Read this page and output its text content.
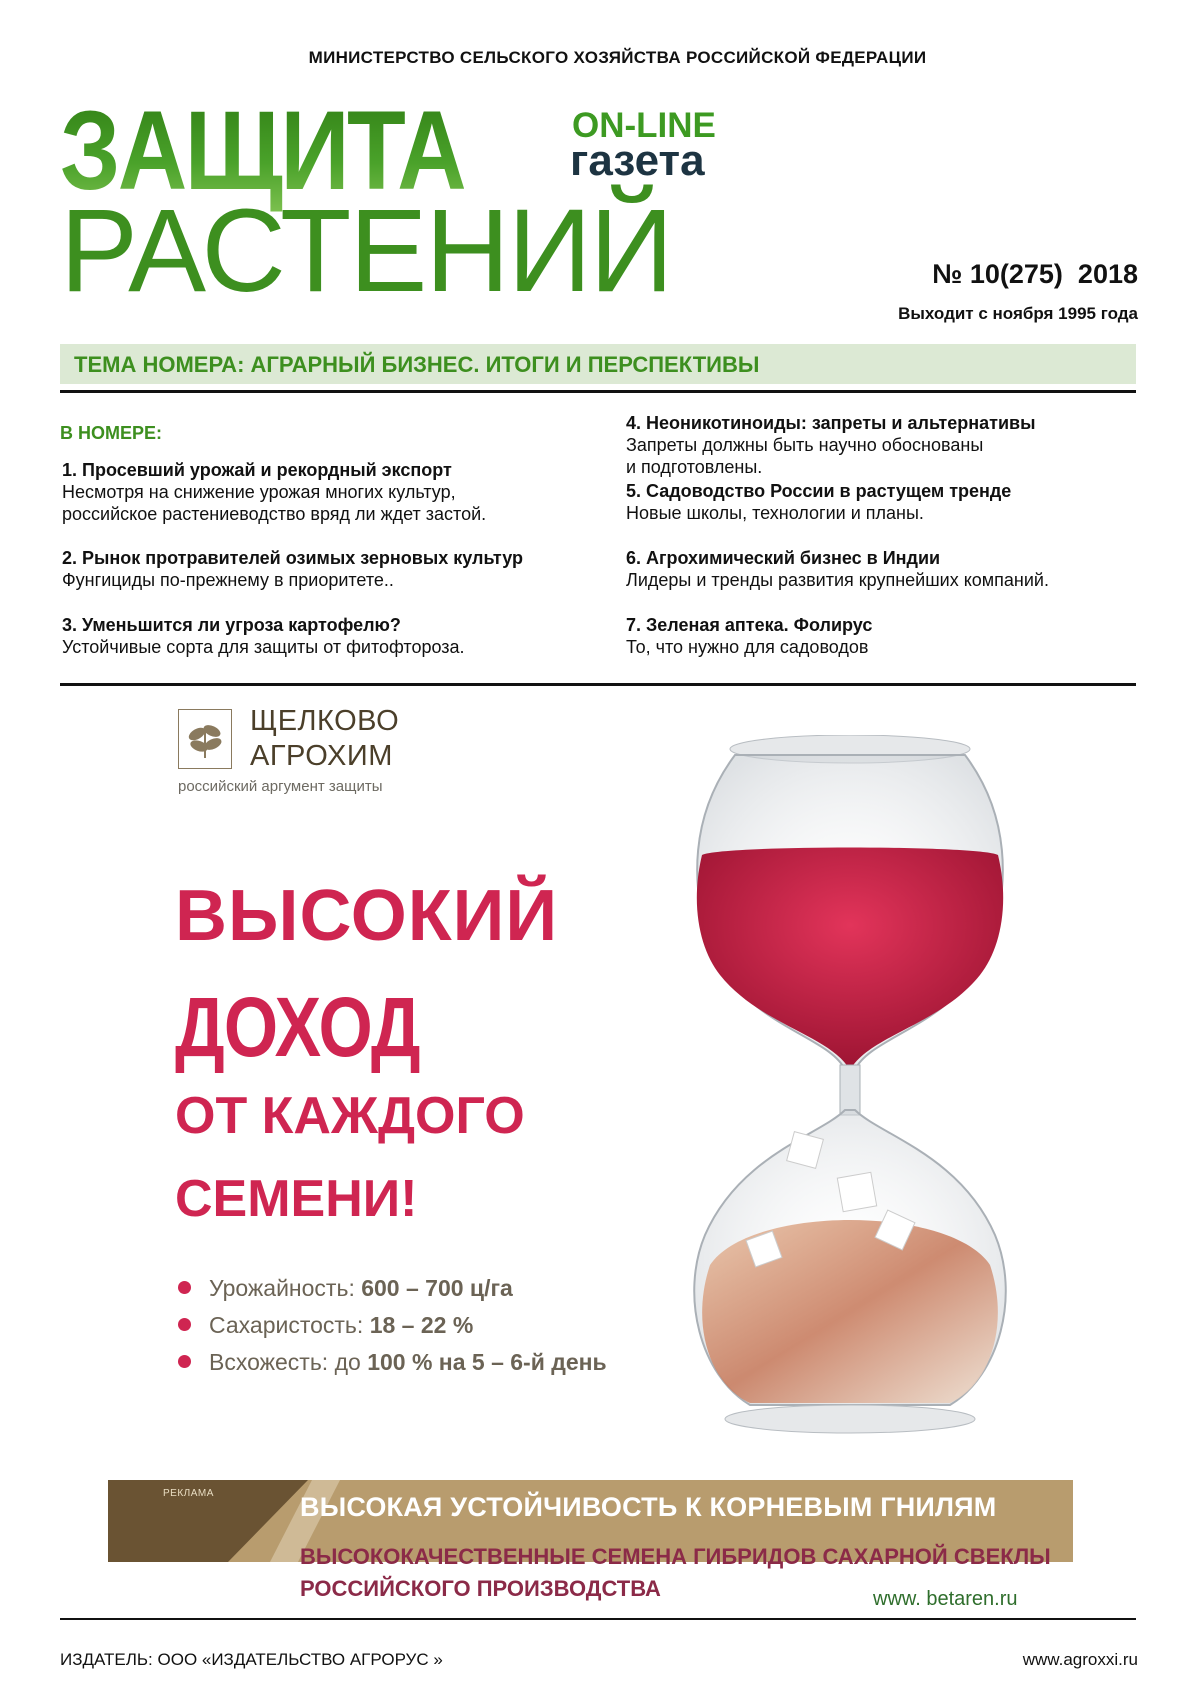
МИНИСТЕРСТВО СЕЛЬСКОГО ХОЗЯЙСТВА РОССИЙСКОЙ ФЕДЕРАЦИИ
ЗАЩИТА	ON-LINE
газета
РАСТЕНИЙ	№ 10(275)  2018
Выходит с ноября 1995 года
ТЕМА НОМЕРА: АГРАРНЫЙ БИЗНЕС. ИТОГИ И ПЕРСПЕКТИВЫ
В НОМЕРЕ:
1. Просевший урожай и рекордный экспорт
Несмотря на снижение урожая многих культур,
российское растениеводство вряд ли ждет застой.
2. Рынок протравителей озимых зерновых культур
Фунгициды по-прежнему в приоритете..
3. Уменьшится ли угроза картофелю?
Устойчивые сорта для защиты от фитофтороза.
4. Неоникотиноиды: запреты и альтернативы
Запреты должны быть научно обоснованы
и подготовлены.
5. Садоводство России в растущем тренде
Новые школы, технологии и планы.
6. Агрохимический бизнес в Индии
Лидеры и тренды развития крупнейших компаний.
7. Зеленая аптека. Фолирус
То, что нужно для садоводов
ЩЕЛКОВО
АГРОХИМ
российский аргумент защиты
ВЫСОКИЙ
ДОХОД
ОТ КАЖДОГО
СЕМЕНИ!
Урожайность: 600 – 700 ц/га
Сахаристость: 18 – 22 %
Всхожесть: до 100 % на 5 – 6-й день
РЕКЛАМА	ВЫСОКАЯ УСТОЙЧИВОСТЬ К КОРНЕВЫМ ГНИЛЯМ
ВЫСОКОКАЧЕСТВЕННЫЕ СЕМЕНА ГИБРИДОВ САХАРНОЙ СВЕКЛЫ
РОССИЙСКОГО ПРОИЗВОДСТВА	www. betaren.ru
ИЗДАТЕЛЬ: ООО «ИЗДАТЕЛЬСТВО АГРОРУС »	www.agroxxi.ru
